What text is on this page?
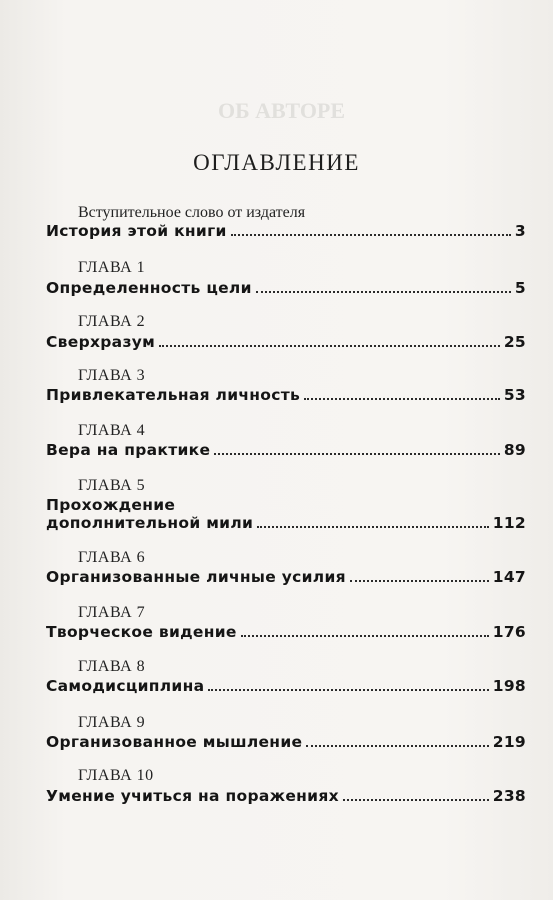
ОБ АВТОРЕ
ОГЛАВЛЕНИЕ
Вступительное слово от издателя
История этой книги	3
ГЛАВА 1
Определенность цели	5
ГЛАВА 2
Сверхразум	25
ГЛАВА 3
Привлекательная личность	53
ГЛАВА 4
Вера на практике	89
ГЛАВА 5
Прохождение
дополнительной мили	112
ГЛАВА 6
Организованные личные усилия	147
ГЛАВА 7
Творческое видение	176
ГЛАВА 8
Самодисциплина	198
ГЛАВА 9
Организованное мышление	219
ГЛАВА 10
Умение учиться на поражениях	238
